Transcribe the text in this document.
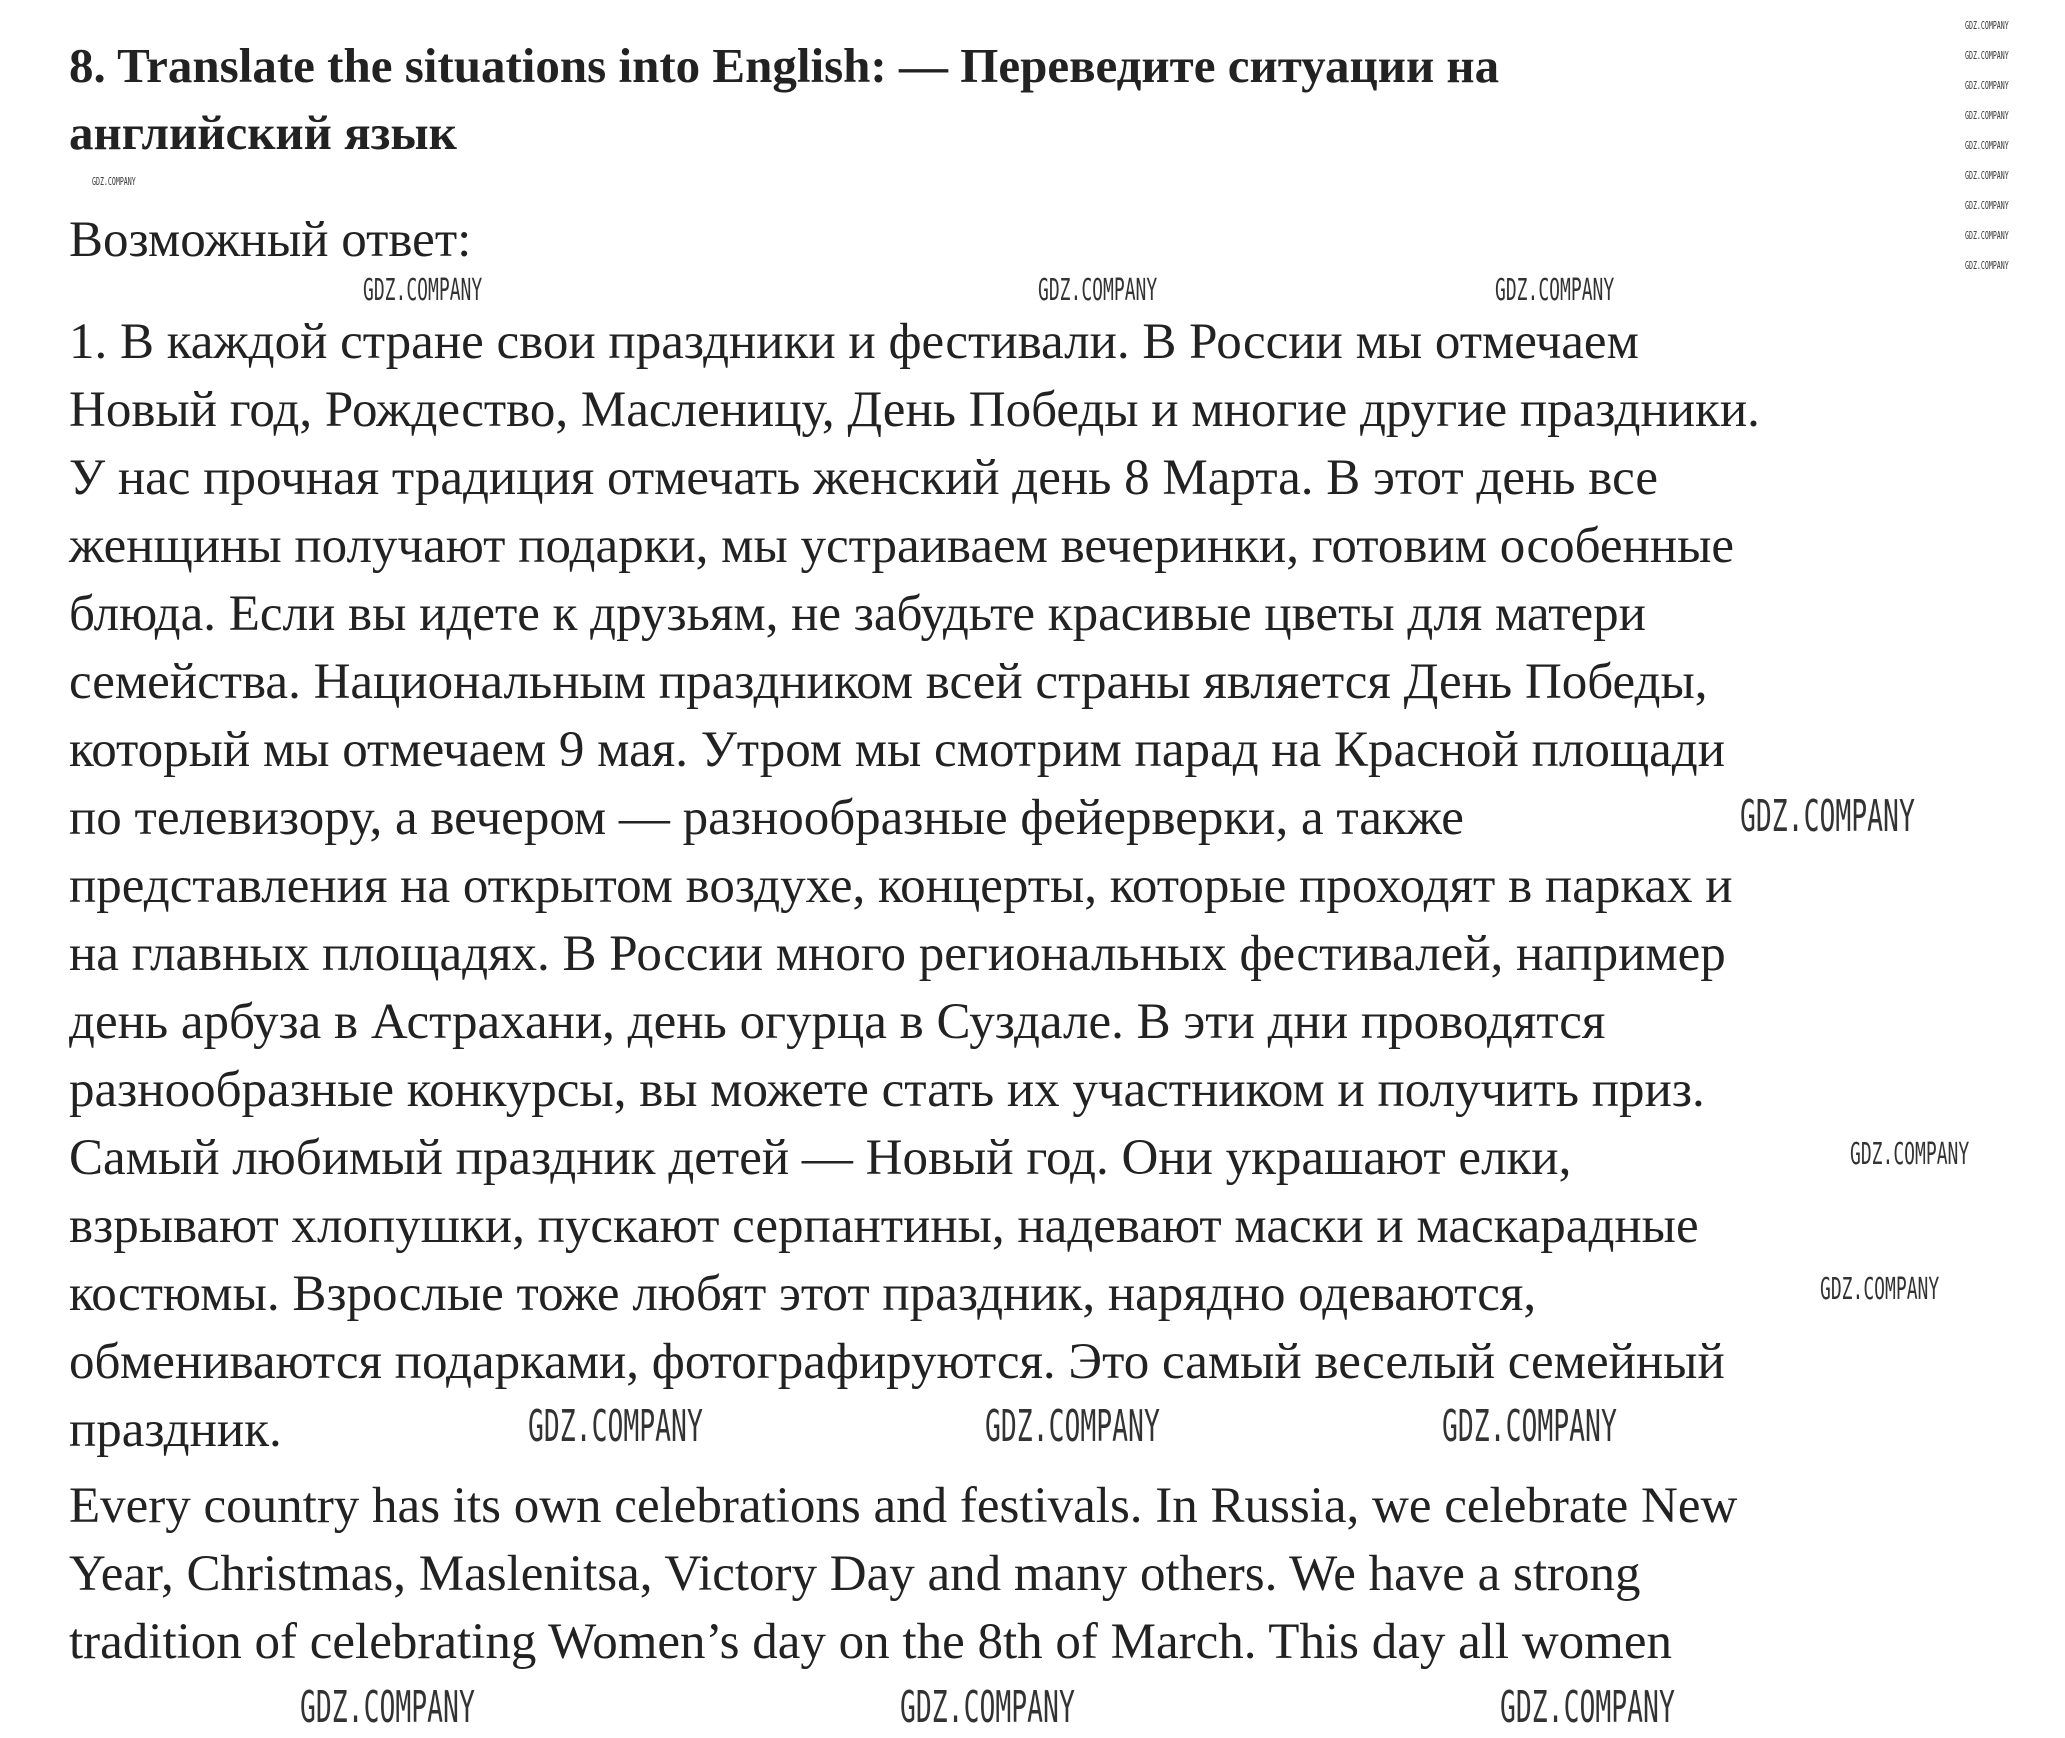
8. Translate the situations into English: — Переведите ситуации на
английский язык
Возможный ответ:
1. В каждой стране свои праздники и фестивали. В России мы отмечаем
Новый год, Рождество, Масленицу, День Победы и многие другие праздники.
У нас прочная традиция отмечать женский день 8 Марта. В этот день все
женщины получают подарки, мы устраиваем вечеринки, готовим особенные
блюда. Если вы идете к друзьям, не забудьте красивые цветы для матери
семейства. Национальным праздником всей страны является День Победы,
который мы отмечаем 9 мая. Утром мы смотрим парад на Красной площади
по телевизору, а вечером — разнообразные фейерверки, а также
представления на открытом воздухе, концерты, которые проходят в парках и
на главных площадях. В России много региональных фестивалей, например
день арбуза в Астрахани, день огурца в Суздале. В эти дни проводятся
разнообразные конкурсы, вы можете стать их участником и получить приз.
Самый любимый праздник детей — Новый год. Они украшают елки,
взрывают хлопушки, пускают серпантины, надевают маски и маскарадные
костюмы. Взрослые тоже любят этот праздник, нарядно одеваются,
обмениваются подарками, фотографируются. Это самый веселый семейный
праздник.
Every country has its own celebrations and festivals. In Russia, we celebrate New
Year, Christmas, Maslenitsa, Victory Day and many others. We have a strong
tradition of celebrating Women’s day on the 8th of March. This day all women
GDZ.COMPANY
GDZ.COMPANY
GDZ.COMPANY
GDZ.COMPANY
GDZ.COMPANY
GDZ.COMPANY
GDZ.COMPANY
GDZ.COMPANY
GDZ.COMPANY
GDZ.COMPANY
GDZ.COMPANY	GDZ.COMPANY	GDZ.COMPANY
GDZ.COMPANY
GDZ.COMPANY
GDZ.COMPANY
GDZ.COMPANY	GDZ.COMPANY	GDZ.COMPANY
GDZ.COMPANY	GDZ.COMPANY	GDZ.COMPANY
